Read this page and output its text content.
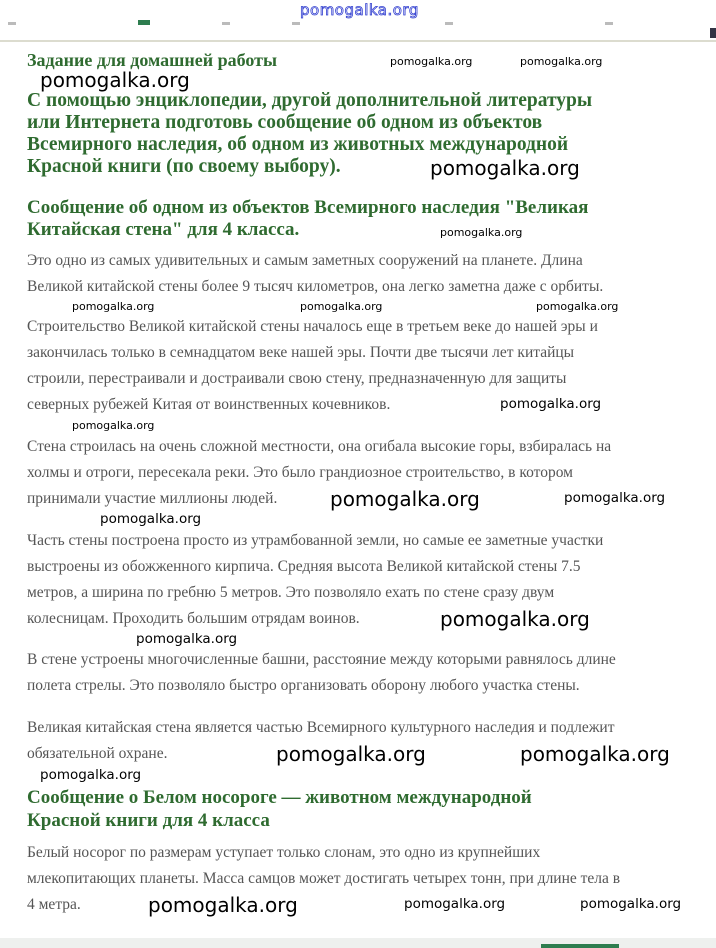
pomogalka.org
Задание для домашней работы
С помощью энциклопедии, другой дополнительной литературы
или Интернета подготовь сообщение об одном из объектов
Всемирного наследия, об одном из животных международной
Красной книги (по своему выбору).
Сообщение об одном из объектов Всемирного наследия "Великая
Китайская стена" для 4 класса.
Это одно из самых удивительных и самым заметных сооружений на планете. Длина
Великой китайской стены более 9 тысяч километров, она легко заметна даже с орбиты.
Строительство Великой китайской стены началось еще в третьем веке до нашей эры и
закончилась только в семнадцатом веке нашей эры. Почти две тысячи лет китайцы
строили, перестраивали и достраивали свою стену, предназначенную для защиты
северных рубежей Китая от воинственных кочевников.
Стена строилась на очень сложной местности, она огибала высокие горы, взбиралась на
холмы и отроги, пересекала реки. Это было грандиозное строительство, в котором
принимали участие миллионы людей.
Часть стены построена просто из утрамбованной земли, но самые ее заметные участки
выстроены из обожженного кирпича. Средняя высота Великой китайской стены 7.5
метров, а ширина по гребню 5 метров. Это позволяло ехать по стене сразу двум
колесницам. Проходить большим отрядам воинов.
В стене устроены многочисленные башни, расстояние между которыми равнялось длине
полета стрелы. Это позволяло быстро организовать оборону любого участка стены.
Великая китайская стена является частью Всемирного культурного наследия и подлежит
обязательной охране.
Сообщение о Белом носороге — животном международной
Красной книги для 4 класса
Белый носорог по размерам уступает только слонам, это одно из крупнейших
млекопитающих планеты. Масса самцов может достигать четырех тонн, при длине тела в
4 метра.
pomogalka.org	pomogalka.org
pomogalka.org
pomogalka.org
pomogalka.org
pomogalka.org	pomogalka.org	pomogalka.org
pomogalka.org
pomogalka.org
pomogalka.org	pomogalka.org
pomogalka.org
pomogalka.org
pomogalka.org
pomogalka.org
pomogalka.org
pomogalka.org
pomogalka.org	pomogalka.org	pomogalka.org
